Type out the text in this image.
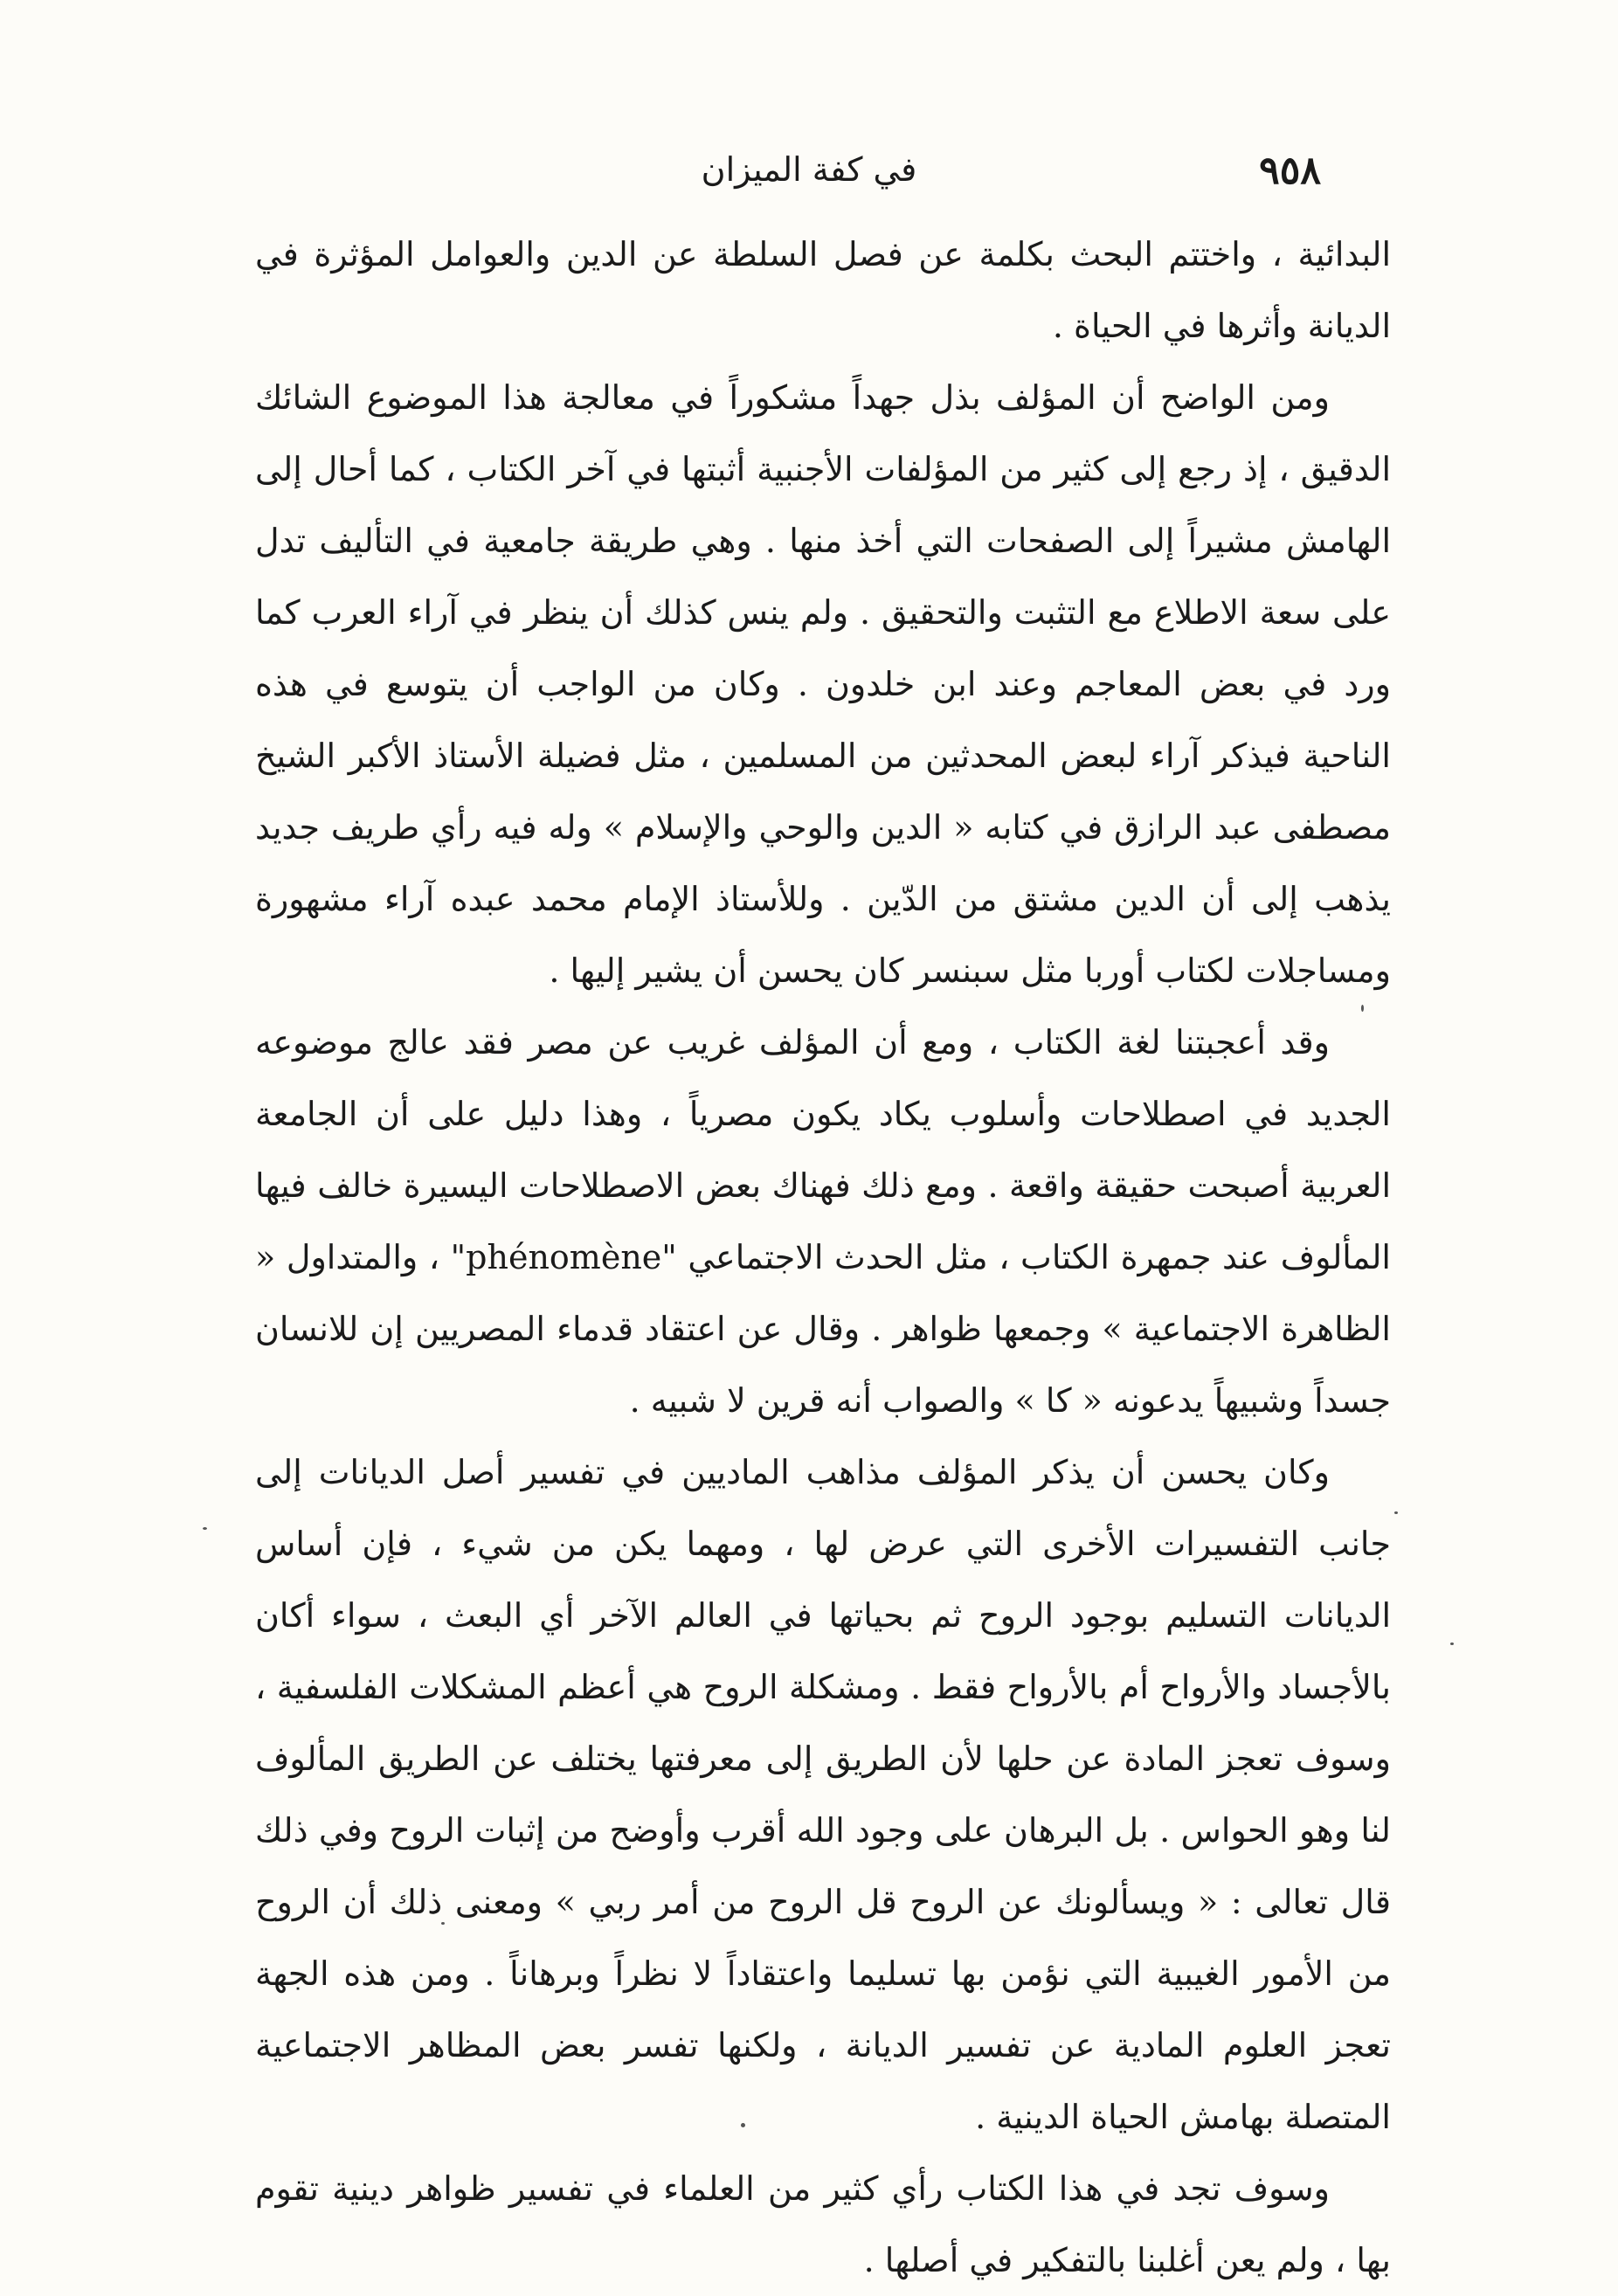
٩٥٨
في كفة الميزان

البدائية ، واختتم البحث بكلمة عن فصل السلطة عن الدين والعوامل المؤثرة في الديانة وأثرها في الحياة .

ومن الواضح أن المؤلف بذل جهداً مشكوراً في معالجة هذا الموضوع الشائك الدقيق ، إذ رجع إلى كثير من المؤلفات الأجنبية أثبتها في آخر الكتاب ، كما أحال إلى الهامش مشيراً إلى الصفحات التي أخذ منها . وهي طريقة جامعية في التأليف تدل على سعة الاطلاع مع التثبت والتحقيق . ولم ينس كذلك أن ينظر في آراء العرب كما ورد في بعض المعاجم وعند ابن خلدون . وكان من الواجب أن يتوسع في هذه الناحية فيذكر آراء لبعض المحدثين من المسلمين ، مثل فضيلة الأستاذ الأكبر الشيخ مصطفى عبد الرازق في كتابه « الدين والوحي والإسلام » وله فيه رأي طريف جديد يذهب إلى أن الدين مشتق من الدّين . وللأستاذ الإمام محمد عبده آراء مشهورة ومساجلات لكتاب أوربا مثل سبنسر كان يحسن أن يشير إليها .

وقد أعجبتنا لغة الكتاب ، ومع أن المؤلف غريب عن مصر فقد عالج موضوعه الجديد في اصطلاحات وأسلوب يكاد يكون مصرياً ، وهذا دليل على أن الجامعة العربية أصبحت حقيقة واقعة . ومع ذلك فهناك بعض الاصطلاحات اليسيرة خالف فيها المألوف عند جمهرة الكتاب ، مثل الحدث الاجتماعي "phénomène" ، والمتداول « الظاهرة الاجتماعية » وجمعها ظواهر . وقال عن اعتقاد قدماء المصريين إن للانسان جسداً وشبيهاً يدعونه « كا » والصواب أنه قرين لا شبيه .

وكان يحسن أن يذكر المؤلف مذاهب الماديين في تفسير أصل الديانات إلى جانب التفسيرات الأخرى التي عرض لها ، ومهما يكن من شيء ، فإن أساس الديانات التسليم بوجود الروح ثم بحياتها في العالم الآخر أي البعث ، سواء أكان بالأجساد والأرواح أم بالأرواح فقط . ومشكلة الروح هي أعظم المشكلات الفلسفية ، وسوف تعجز المادة عن حلها لأن الطريق إلى معرفتها يختلف عن الطريق المألوف لنا وهو الحواس . بل البرهان على وجود الله أقرب وأوضح من إثبات الروح وفي ذلك قال تعالى : « ويسألونك عن الروح قل الروح من أمر ربي » ومعنى ذلك أن الروح من الأمور الغيبية التي نؤمن بها تسليما واعتقاداً لا نظراً وبرهاناً . ومن هذه الجهة تعجز العلوم المادية عن تفسير الديانة ، ولكنها تفسر بعض المظاهر الاجتماعية المتصلة بهامش الحياة الدينية .

وسوف تجد في هذا الكتاب رأي كثير من العلماء في تفسير ظواهر دينية تقوم بها ، ولم يعن أغلبنا بالتفكير في أصلها .
